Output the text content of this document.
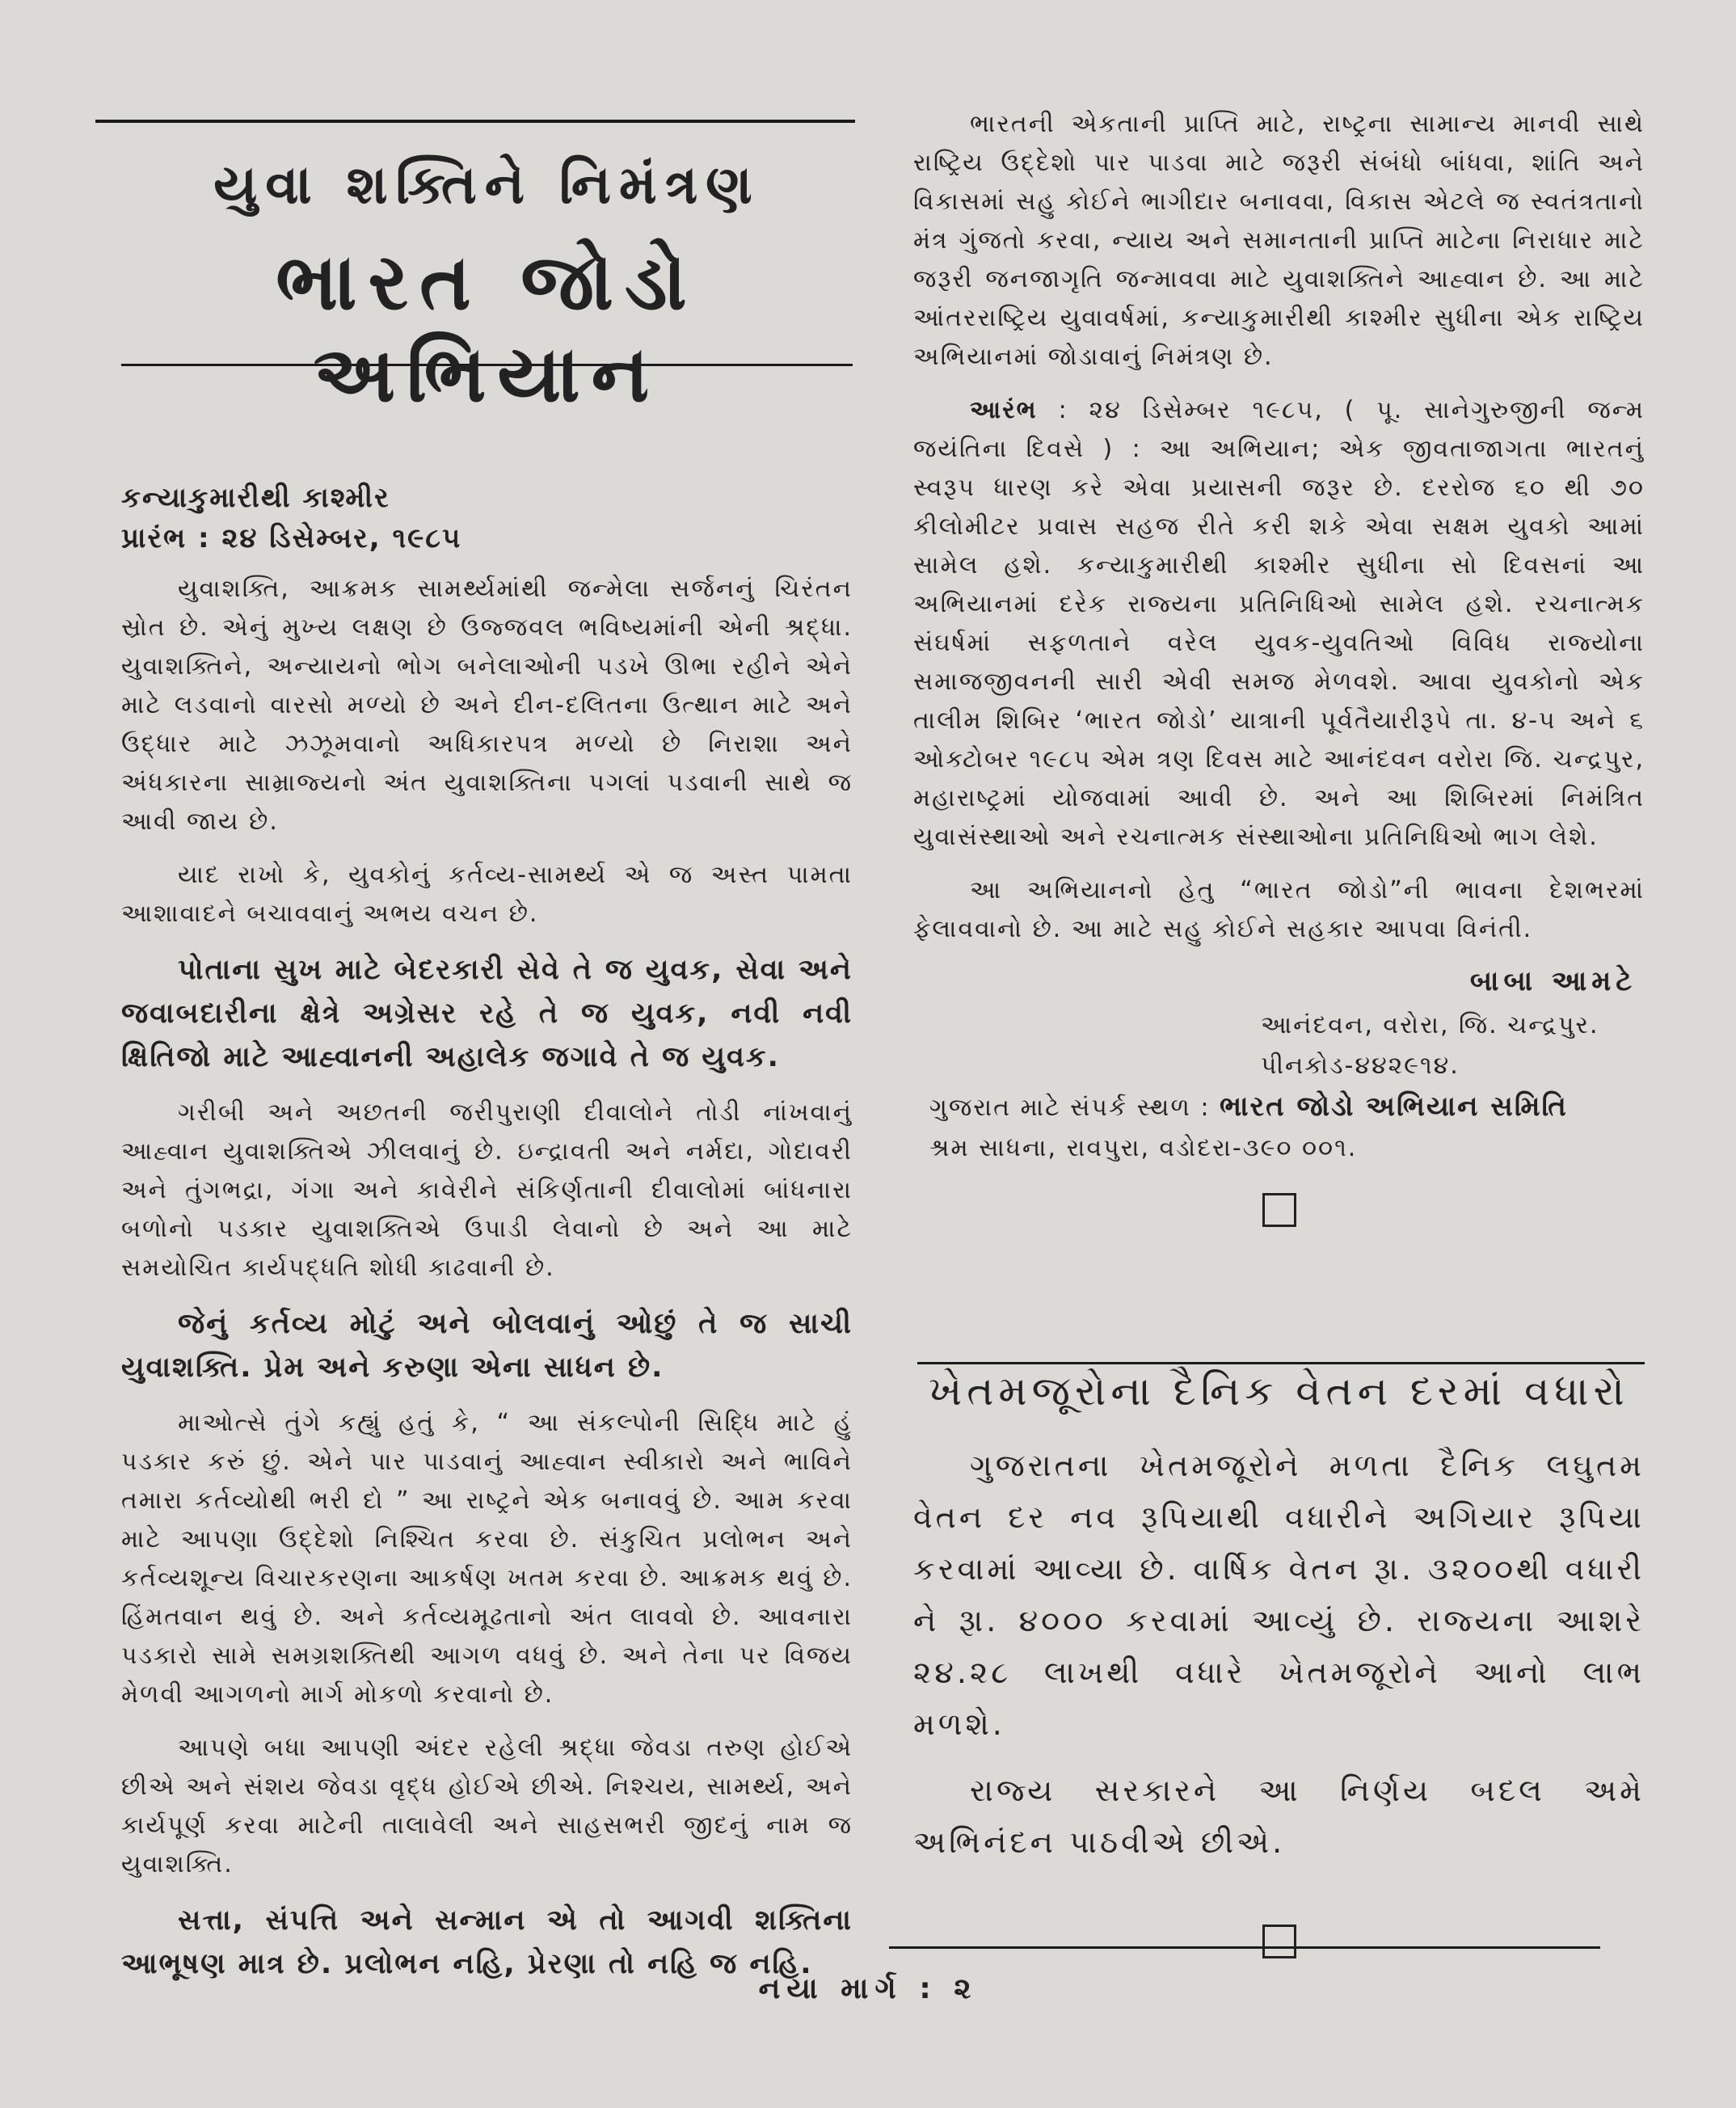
યુવા શક્તિને નિમંત્રણ
ભારત જોડો અભિયાન
કન્યાકુમારીથી કાશ્મીર
પ્રારંભ : ૨૪ ડિસેમ્બર, ૧૯૮૫

યુવાશક્તિ, આક્રમક સામર્થ્યમાંથી જન્મેલા સર્જનનું ચિરંતન સ્રોત છે. એનું મુખ્ય લક્ષણ છે ઉજ્જવલ ભવિષ્યમાંની એની શ્રદ્ધા. યુવાશક્તિને, અન્યાયનો ભોગ બનેલાઓની પડખે ઊભા રહીને એને માટે લડવાનો વારસો મળ્યો છે અને દીન-દલિતના ઉત્થાન માટે અને ઉદ્ધાર માટે ઝઝૂમવાનો અધિકારપત્ર મળ્યો છે નિરાશા અને અંધકારના સામ્રાજ્યનો અંત યુવાશક્તિના પગલાં પડવાની સાથે જ આવી જાય છે.

યાદ રાખો કે, યુવકોનું કર્તવ્ય-સામર્થ્ય એ જ અસ્ત પામતા આશાવાદને બચાવવાનું અભય વચન છે.

પોતાના સુખ માટે બેદરકારી સેવે તે જ યુવક, સેવા અને જવાબદારીના ક્ષેત્રે અગ્રેસર રહે તે જ યુવક, નવી નવી ક્ષિતિજો માટે આહ્વાનની અહાલેક જગાવે તે જ યુવક.

ગરીબી અને અછતની જરીપુરાણી દીવાલોને તોડી નાંખવાનું આહ્વાન યુવાશક્તિએ ઝીલવાનું છે. ઇન્દ્રાવતી અને નર્મદા, ગોદાવરી અને તુંગભદ્રા, ગંગા અને કાવેરીને સંકિર્ણતાની દીવાલોમાં બાંધનારા બળોનો પડકાર યુવાશક્તિએ ઉપાડી લેવાનો છે અને આ માટે સમયોચિત કાર્યપદ્ધતિ શોધી કાઢવાની છે.

જેનું કર્તવ્ય મોટું અને બોલવાનું ઓછું તે જ સાચી યુવાશક્તિ. પ્રેમ અને કરુણા એના સાધન છે.

માઓત્સે તુંગે કહ્યું હતું કે, “ આ સંકલ્પોની સિદ્ધિ માટે હું પડકાર કરું છું. એને પાર પાડવાનું આહ્વાન સ્વીકારો અને ભાવિને તમારા કર્તવ્યોથી ભરી દો ” આ રાષ્ટ્રને એક બનાવવું છે. આમ કરવા માટે આપણા ઉદ્દેશો નિશ્ચિત કરવા છે. સંકુચિત પ્રલોભન અને કર્તવ્યશૂન્ય વિચારકરણના આકર્ષણ ખતમ કરવા છે. આક્રમક થવું છે. હિંમતવાન થવું છે. અને કર્તવ્યમૂઢતાનો અંત લાવવો છે. આવનારા પડકારો સામે સમગ્રશક્તિથી આગળ વધવું છે. અને તેના પર વિજય મેળવી આગળનો માર્ગ મોકળો કરવાનો છે.

આપણે બધા આપણી અંદર રહેલી શ્રદ્ધા જેવડા તરુણ હોઈએ છીએ અને સંશય જેવડા વૃદ્ધ હોઈએ છીએ. નિશ્ચય, સામર્થ્ય, અને કાર્યપૂર્ણ કરવા માટેની તાલાવેલી અને સાહસભરી જીદનું નામ જ યુવાશક્તિ.

સત્તા, સંપત્તિ અને સન્માન એ તો આગવી શક્તિના આભૂષણ માત્ર છે. પ્રલોભન નહિ, પ્રેરણા તો નહિ જ નહિ.

ભારતની એકતાની પ્રાપ્તિ માટે, રાષ્ટ્રના સામાન્ય માનવી સાથે રાષ્ટ્રિય ઉદ્દેશો પાર પાડવા માટે જરૂરી સંબંધો બાંધવા, શાંતિ અને વિકાસમાં સહુ કોઈને ભાગીદાર બનાવવા, વિકાસ એટલે જ સ્વતંત્રતાનો મંત્ર ગુંજતો કરવા, ન્યાય અને સમાનતાની પ્રાપ્તિ માટેના નિરાધાર માટે જરૂરી જનજાગૃતિ જન્માવવા માટે યુવાશક્તિને આહ્વાન છે. આ માટે આંતરરાષ્ટ્રિય યુવાવર્ષમાં, કન્યાકુમારીથી કાશ્મીર સુધીના એક રાષ્ટ્રિય અભિયાનમાં જોડાવાનું નિમંત્રણ છે.

આરંભ : ૨૪ ડિસેમ્બર ૧૯૮૫, ( પૂ. સાનેગુરુજીની જન્મ જયંતિના દિવસે ) : આ અભિયાન; એક જીવતાજાગતા ભારતનું સ્વરૂપ ધારણ કરે એવા પ્રયાસની જરૂર છે. દરરોજ ૬૦ થી ૭૦ કીલોમીટર પ્રવાસ સહજ રીતે કરી શકે એવા સક્ષમ યુવકો આમાં સામેલ હશે. કન્યાકુમારીથી કાશ્મીર સુધીના સો દિવસનાં આ અભિયાનમાં દરેક રાજ્યના પ્રતિનિધિઓ સામેલ હશે. રચનાત્મક સંઘર્ષમાં સફળતાને વરેલ યુવક-યુવતિઓ વિવિધ રાજ્યોના સમાજજીવનની સારી એવી સમજ મેળવશે. આવા યુવકોનો એક તાલીમ શિબિર ‘ભારત જોડો’ યાત્રાની પૂર્વતૈયારીરૂપે તા. ૪-૫ અને ૬ ઓક્ટોબર ૧૯૮૫ એમ ત્રણ દિવસ માટે આનંદવન વરોરા જિ. ચન્દ્રપુર, મહારાષ્ટ્રમાં યોજવામાં આવી છે. અને આ શિબિરમાં નિમંત્રિત યુવાસંસ્થાઓ અને રચનાત્મક સંસ્થાઓના પ્રતિનિધિઓ ભાગ લેશે.

આ અભિયાનનો હેતુ “ભારત જોડો”ની ભાવના દેશભરમાં ફેલાવવાનો છે. આ માટે સહુ કોઈને સહકાર આપવા વિનંતી.

બાબા આમટે
આનંદવન, વરોરા, જિ. ચન્દ્રપુર.
પીનકોડ-૪૪૨૯૧૪.
ગુજરાત માટે સંપર્ક સ્થળ : ભારત જોડો અભિયાન સમિતિ
શ્રમ સાધના, રાવપુરા, વડોદરા-૩૯૦ ૦૦૧.
ખેતમજૂરોના દૈનિક વેતન દરમાં વધારો

ગુજરાતના ખેતમજૂરોને મળતા દૈનિક લઘુતમ વેતન દર નવ રૂપિયાથી વધારીને અગિયાર રૂપિયા કરવામાં આવ્યા છે. વાર્ષિક વેતન રૂા. ૩૨૦૦થી વધારી ને રૂા. ૪૦૦૦ કરવામાં આવ્યું છે. રાજ્યના આશરે ૨૪.૨૮ લાખથી વધારે ખેતમજૂરોને આનો લાભ મળશે.

રાજ્ય સરકારને આ નિર્ણય બદલ અમે અભિનંદન પાઠવીએ છીએ.

નયા માર્ગ : ૨
